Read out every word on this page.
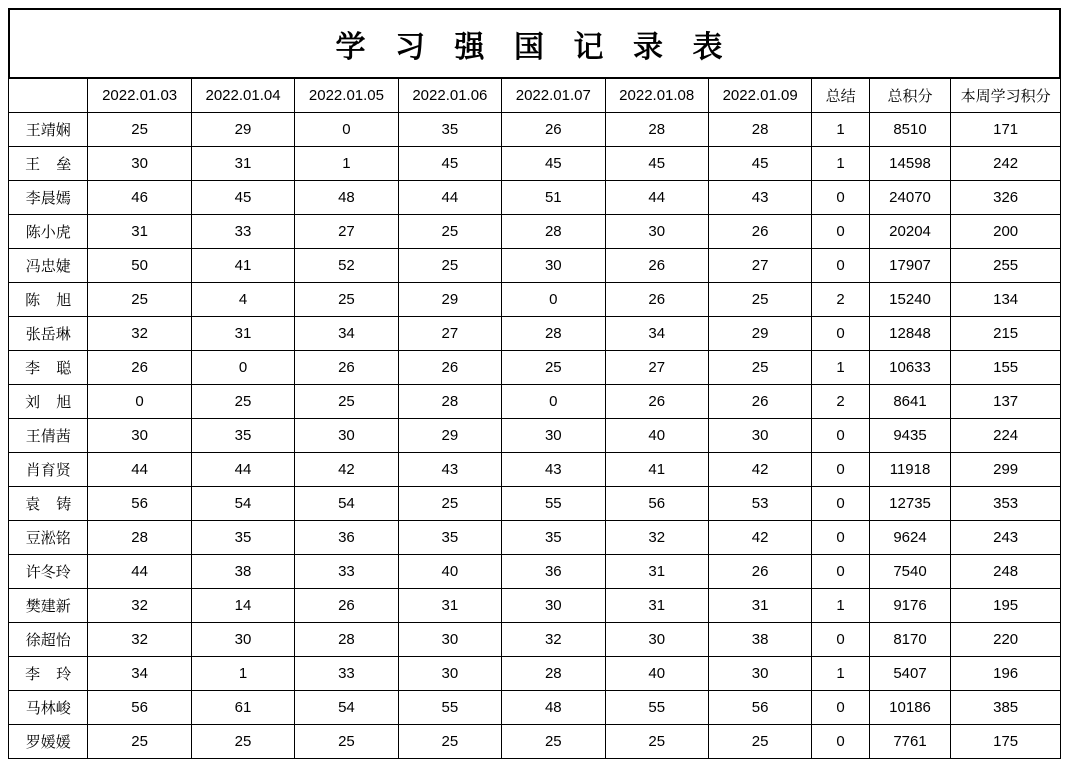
学 习 强 国 记 录 表
	2022.01.03	2022.01.04	2022.01.05	2022.01.06	2022.01.07	2022.01.08	2022.01.09	总结	总积分	本周学习积分
王靖娴	25	29	0	35	26	28	28	1	8510	171
王 垒	30	31	1	45	45	45	45	1	14598	242
李晨嫣	46	45	48	44	51	44	43	0	24070	326
陈小虎	31	33	27	25	28	30	26	0	20204	200
冯忠婕	50	41	52	25	30	26	27	0	17907	255
陈 旭	25	4	25	29	0	26	25	2	15240	134
张岳琳	32	31	34	27	28	34	29	0	12848	215
李 聪	26	0	26	26	25	27	25	1	10633	155
刘 旭	0	25	25	28	0	26	26	2	8641	137
王倩茜	30	35	30	29	30	40	30	0	9435	224
肖育贤	44	44	42	43	43	41	42	0	11918	299
袁 铸	56	54	54	25	55	56	53	0	12735	353
豆淞铭	28	35	36	35	35	32	42	0	9624	243
许冬玲	44	38	33	40	36	31	26	0	7540	248
樊建新	32	14	26	31	30	31	31	1	9176	195
徐超怡	32	30	28	30	32	30	38	0	8170	220
李 玲	34	1	33	30	28	40	30	1	5407	196
马林峻	56	61	54	55	48	55	56	0	10186	385
罗媛媛	25	25	25	25	25	25	25	0	7761	175
